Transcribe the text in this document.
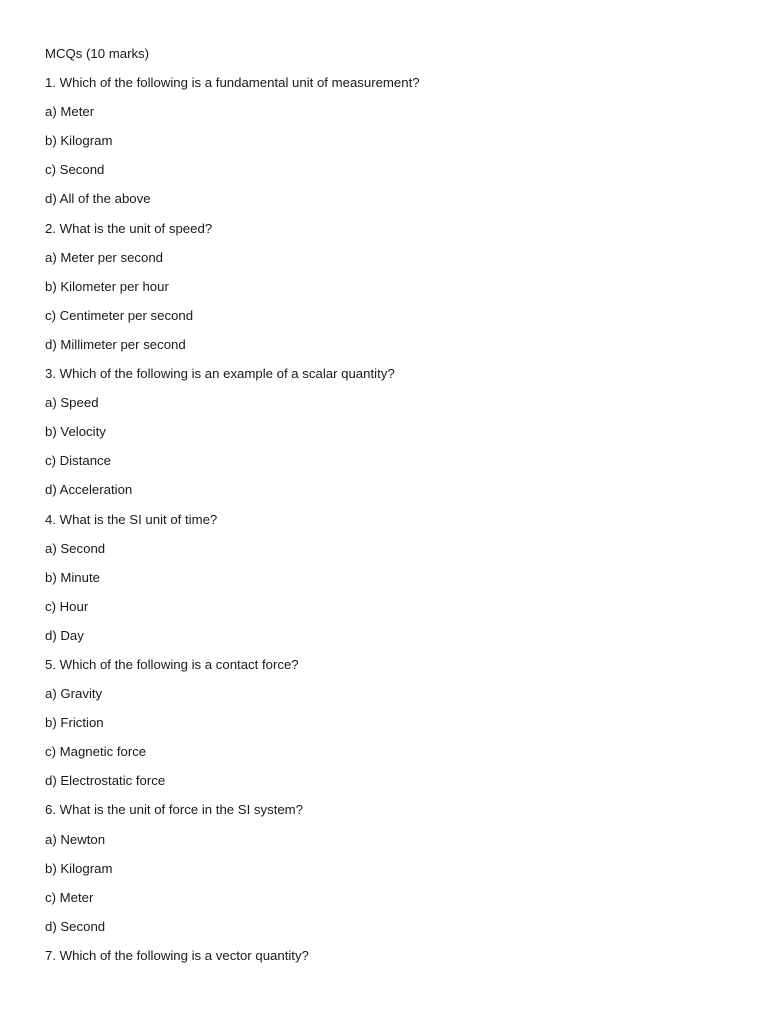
MCQs (10 marks)
1. Which of the following is a fundamental unit of measurement?
a) Meter
b) Kilogram
c) Second
d) All of the above
2. What is the unit of speed?
a) Meter per second
b) Kilometer per hour
c) Centimeter per second
d) Millimeter per second
3. Which of the following is an example of a scalar quantity?
a) Speed
b) Velocity
c) Distance
d) Acceleration
4. What is the SI unit of time?
a) Second
b) Minute
c) Hour
d) Day
5. Which of the following is a contact force?
a) Gravity
b) Friction
c) Magnetic force
d) Electrostatic force
6. What is the unit of force in the SI system?
a) Newton
b) Kilogram
c) Meter
d) Second
7. Which of the following is a vector quantity?
